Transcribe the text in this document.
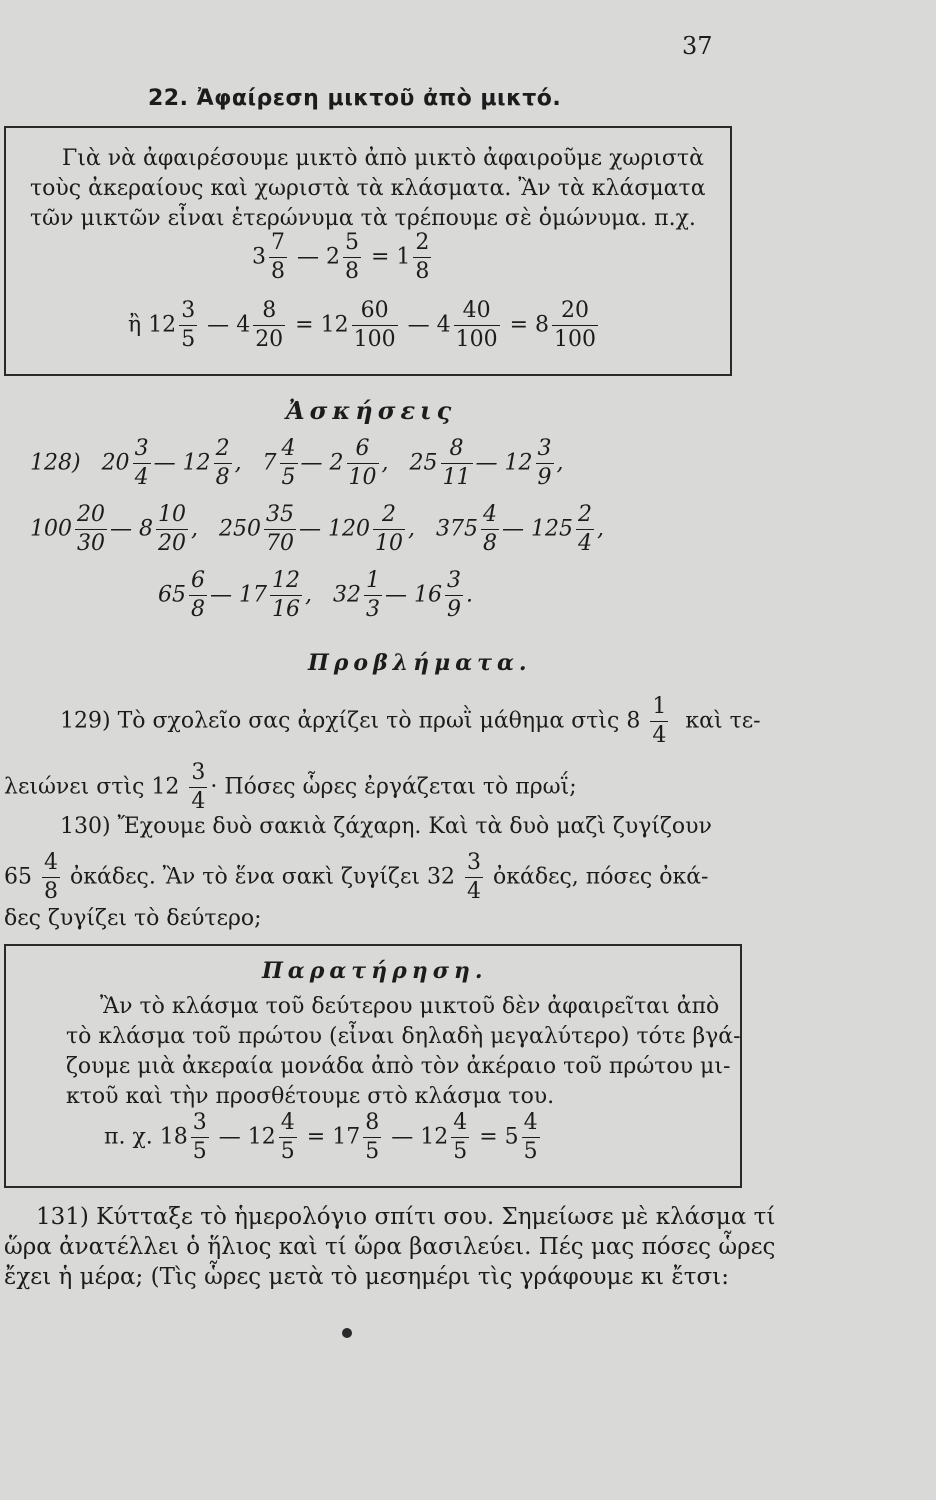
37
22. Ἀφαίρεση μικτοῦ ἀπὸ μικτό.
Γιὰ νὰ ἀφαιρέσουμε μικτὸ ἀπὸ μικτὸ ἀφαιροῦμε χωριστὰ
τοὺς ἀκεραίους καὶ χωριστὰ τὰ κλάσματα. Ἂν τὰ κλάσματα
τῶν μικτῶν εἶναι ἑτερώνυμα τὰ τρέπουμε σὲ ὁμώνυμα. π.χ.
$3 \frac{7}{8}$ — $2 \frac{5}{8} = 1 \frac{2}{8}$
ἢ $12 \frac{3}{5}$ — $4 \frac{8}{20} = 12 \frac{60}{100}$ — $4 \frac{40}{100} = 8 \frac{20}{100}$
Ἀσκήσεις
128) $20 \frac{3}{4}$ — $12 \frac{2}{8}$ ,   $7 \frac{4}{5}$ — $2 \frac{6}{10}$ ,   $25 \frac{8}{11}$ — $12 \frac{3}{9}$ ,
$100 \frac{20}{30}$ — $8 \frac{10}{20}$ ,   $250 \frac{35}{70}$ — $120 \frac{2}{10}$ ,   $375 \frac{4}{8}$ — $125 \frac{2}{4}$ ,
$65 \frac{6}{8}$ — $17 \frac{12}{16}$ ,   $32 \frac{1}{3}$ — $16 \frac{3}{9}$ .
Προβλήματα.
129) Τὸ σχολεῖο σας ἀρχίζει τὸ πρωῒ μάθημα στὶς $8 \frac{1}{4}$ καὶ τε-
λειώνει στὶς $12 \frac{3}{4} \cdot \Pi ό\sigma\varepsilon\varsigma$ ὧρες ἐργάζεται τὸ πρωΐ;
130) Ἔχουμε δυὸ σακιὰ ζάχαρη. Καὶ τὰ δυὸ μαζὶ ζυγίζουν
$65 \frac{4}{8}$ ὀκάδες. Ἂν τὸ ἕνα σακὶ ζυγίζει $32 \frac{3}{4}$ ὀκάδες, πόσες ὀκά-
δες ζυγίζει τὸ δεύτερο;
Παρατήρηση.
Ἂν τὸ κλάσμα τοῦ δεύτερου μικτοῦ δὲν ἀφαιρεῖται ἀπὸ
τὸ κλάσμα τοῦ πρώτου (εἶναι δηλαδὴ μεγαλύτερο) τότε βγά-
ζουμε μιὰ ἀκεραία μονάδα ἀπὸ τὸν ἀκέραιο τοῦ πρώτου μι-
κτοῦ καὶ τὴν προσθέτουμε στὸ κλάσμα του.
π. χ. $18 \frac{3}{5}$ — $12 \frac{4}{5} = 17 \frac{8}{5}$ — $12 \frac{4}{5} = 5 \frac{4}{5}$
131) Κύτταξε τὸ ἡμερολόγιο σπίτι σου. Σημείωσε μὲ κλάσμα τί
ὥρα ἀνατέλλει ὁ ἥλιος καὶ τί ὥρα βασιλεύει. Πές μας πόσες ὧρες
ἔχει ἡ μέρα; (Τὶς ὧρες μετὰ τὸ μεσημέρι τὶς γράφουμε κι ἔτσι:
